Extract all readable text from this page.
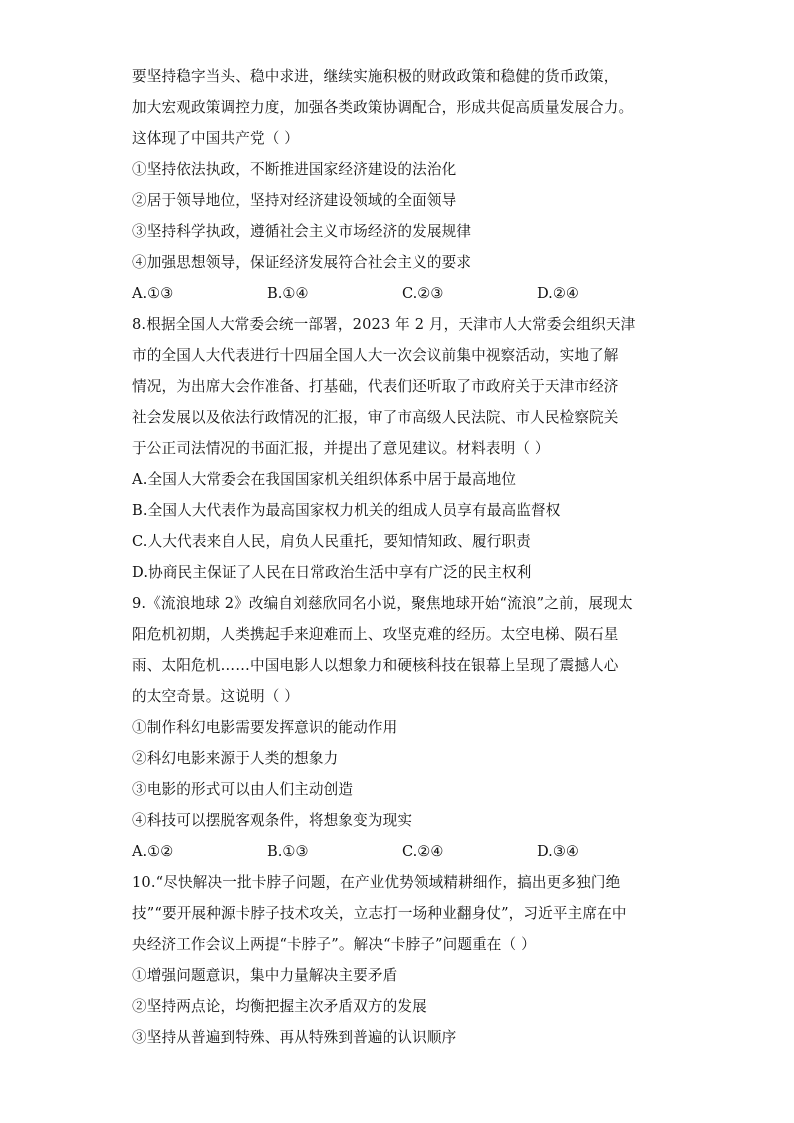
要坚持稳字当头、稳中求进，继续实施积极的财政政策和稳健的货币政策，
加大宏观政策调控力度，加强各类政策协调配合，形成共促高质量发展合力。
这体现了中国共产党（ ）
①坚持依法执政，不断推进国家经济建设的法治化
②居于领导地位，坚持对经济建设领域的全面领导
③坚持科学执政，遵循社会主义市场经济的发展规律
④加强思想领导，保证经济发展符合社会主义的要求
A.①③	B.①④	C.②③	D.②④
8.根据全国人大常委会统一部署，2023 年 2 月，天津市人大常委会组织天津
市的全国人大代表进行十四届全国人大一次会议前集中视察活动，实地了解
情况，为出席大会作准备、打基础，代表们还听取了市政府关于天津市经济
社会发展以及依法行政情况的汇报，审了市高级人民法院、市人民检察院关
于公正司法情况的书面汇报，并提出了意见建议。材料表明（ ）
A.全国人大常委会在我国国家机关组织体系中居于最高地位
B.全国人大代表作为最高国家权力机关的组成人员享有最高监督权
C.人大代表来自人民，肩负人民重托，要知情知政、履行职责
D.协商民主保证了人民在日常政治生活中享有广泛的民主权利
9.《流浪地球 2》改编自刘慈欣同名小说，聚焦地球开始“流浪”之前，展现太
阳危机初期，人类携起手来迎难而上、攻坚克难的经历。太空电梯、陨石星
雨、太阳危机……中国电影人以想象力和硬核科技在银幕上呈现了震撼人心
的太空奇景。这说明（ ）
①制作科幻电影需要发挥意识的能动作用
②科幻电影来源于人类的想象力
③电影的形式可以由人们主动创造
④科技可以摆脱客观条件，将想象变为现实
A.①②	B.①③	C.②④	D.③④
10.“尽快解决一批卡脖子问题，在产业优势领域精耕细作，搞出更多独门绝
技”“要开展种源卡脖子技术攻关，立志打一场种业翻身仗”，习近平主席在中
央经济工作会议上两提“卡脖子”。解决“卡脖子”问题重在（ ）
①增强问题意识，集中力量解决主要矛盾
②坚持两点论，均衡把握主次矛盾双方的发展
③坚持从普遍到特殊、再从特殊到普遍的认识顺序
